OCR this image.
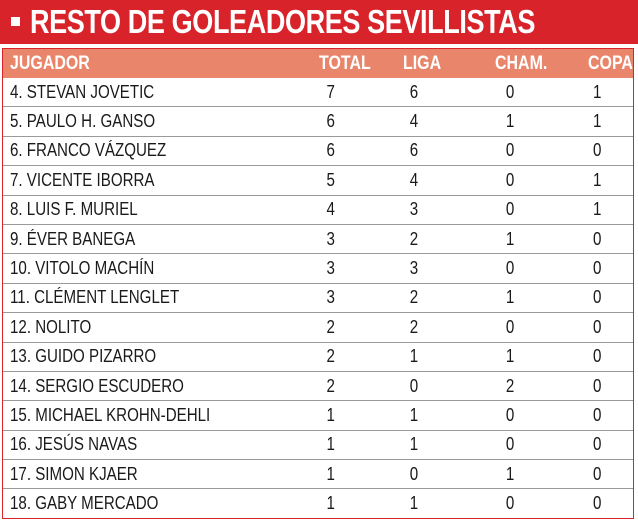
RESTO DE GOLEADORES SEVILLISTAS
JUGADOR	TOTAL	LIGA	CHAM.	COPA
4. STEVAN JOVETIC	7	6	0	1
5. PAULO H. GANSO	6	4	1	1
6. FRANCO VÁZQUEZ	6	6	0	0
7. VICENTE IBORRA	5	4	0	1
8. LUIS F. MURIEL	4	3	0	1
9. ÉVER BANEGA	3	2	1	0
10. VITOLO MACHÍN	3	3	0	0
11. CLÉMENT LENGLET	3	2	1	0
12. NOLITO	2	2	0	0
13. GUIDO PIZARRO	2	1	1	0
14. SERGIO ESCUDERO	2	0	2	0
15. MICHAEL KROHN-DEHLI	1	1	0	0
16. JESÚS NAVAS	1	1	0	0
17. SIMON KJAER	1	0	1	0
18. GABY MERCADO	1	1	0	0
